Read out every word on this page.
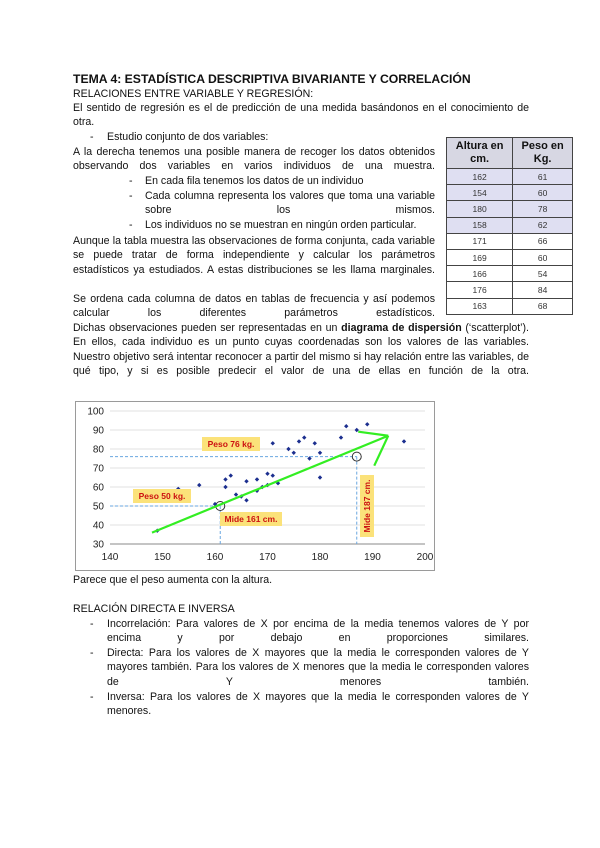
TEMA 4: ESTADÍSTICA DESCRIPTIVA BIVARIANTE Y CORRELACIÓN

RELACIONES ENTRE VARIABLE Y REGRESIÓN:

El sentido de regresión es el de predicción de una medida basándonos en el conocimiento de otra.

- Estudio conjunto de dos variables:

A la derecha tenemos una posible manera de recoger los datos obtenidos observando dos variables en varios individuos de una muestra.

- En cada fila tenemos los datos de un individuo

- Cada columna representa los valores que toma una variable sobre los mismos.

- Los individuos no se muestran en ningún orden particular.

Aunque la tabla muestra las observaciones de forma conjunta, cada variable se puede tratar de forma independiente y calcular los parámetros estadísticos ya estudiados. A estas distribuciones se les llama marginales.

Se ordena cada columna de datos en tablas de frecuencia y así podemos calcular los diferentes parámetros estadísticos.

Dichas observaciones pueden ser representadas en un diagrama de dispersión (‘scatterplot’). En ellos, cada individuo es un punto cuyas coordenadas son los valores de las variables. Nuestro objetivo será intentar reconocer a partir del mismo si hay relación entre las variables, de qué tipo, y si es posible predecir el valor de una de ellas en función de la otra.

Altura en cm.	Peso en Kg.
162	61
154	60
180	78
158	62
171	66
169	60
166	54
176	84
163	68
30
40
50
60
70
80
90
100
140	150	160	170	180	190	200
Peso 76 kg.
Peso 50 kg.
Mide 161 cm.	Mide 187 cm.

Parece que el peso aumenta con la altura.

RELACIÓN DIRECTA E INVERSA

- Incorrelación: Para valores de X por encima de la media tenemos valores de Y por encima y por debajo en proporciones similares.

- Directa: Para los valores de X mayores que la media le corresponden valores de Y mayores también. Para los valores de X menores que la media le corresponden valores de Y menores también.

- Inversa: Para los valores de X mayores que la media le corresponden valores de Y menores.
